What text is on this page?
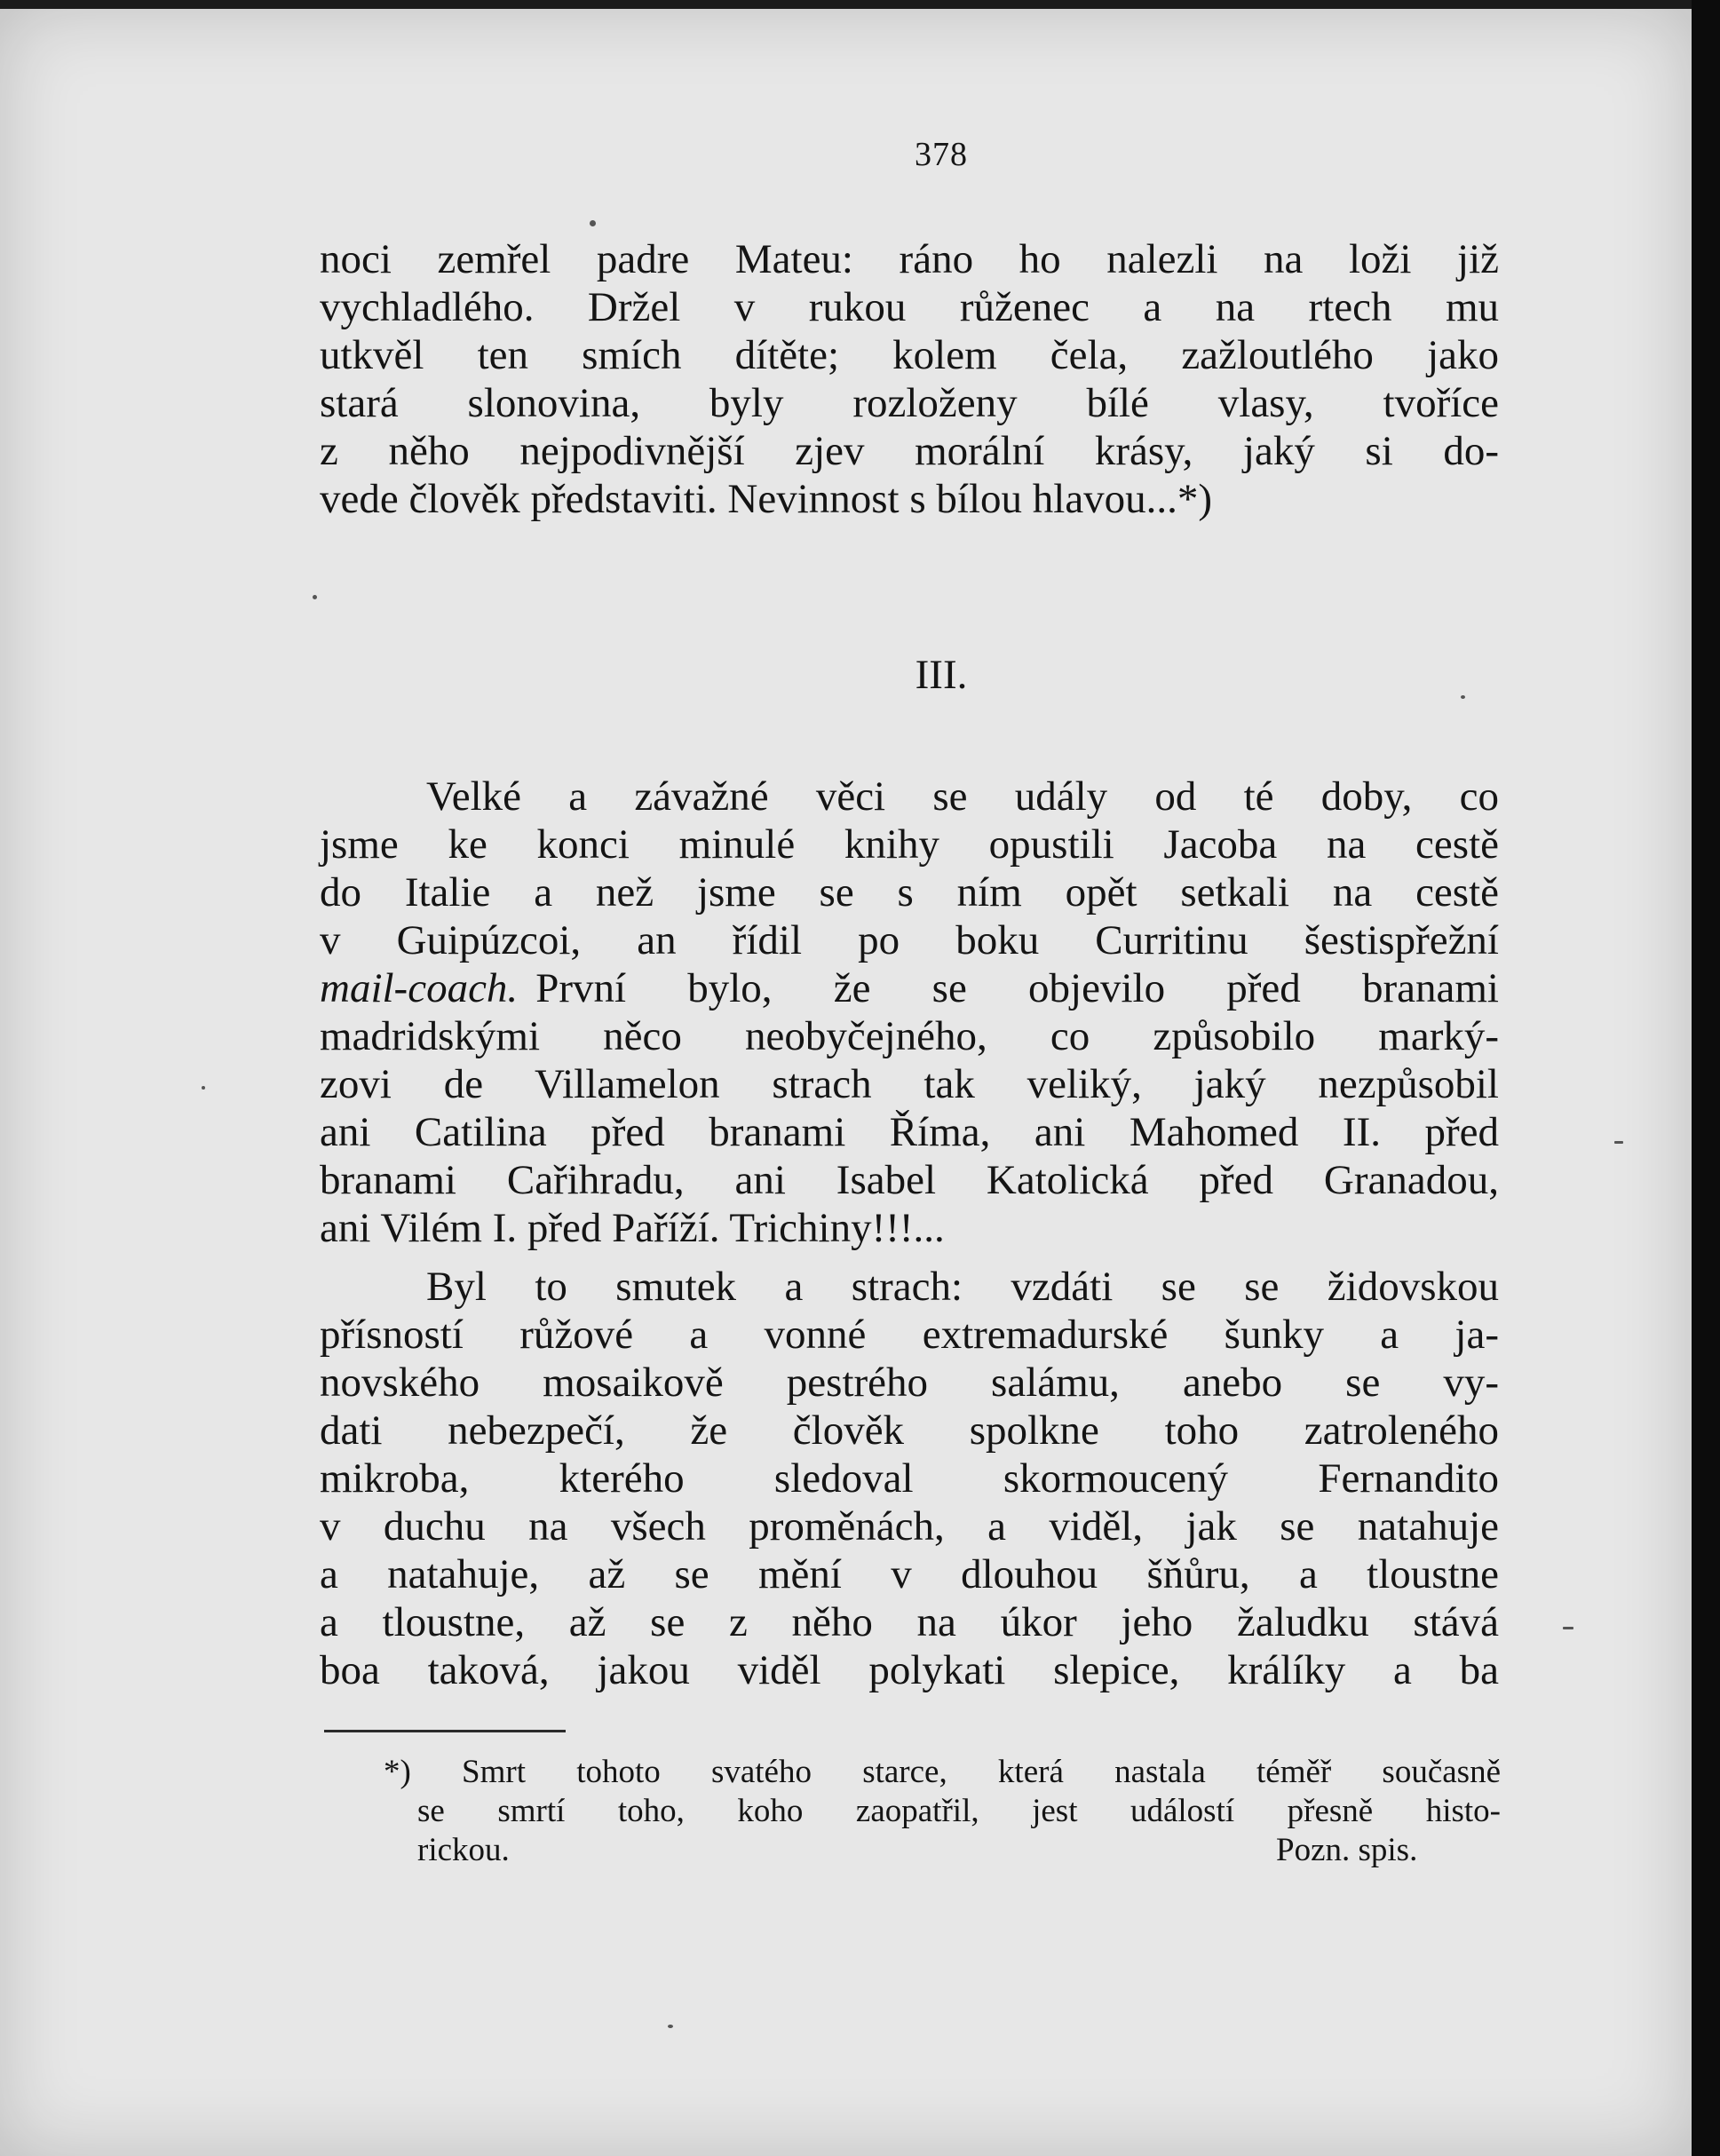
378
noci zemřel padre Mateu: ráno ho nalezli na loži již
vychladlého. Držel v rukou růženec a na rtech mu
utkvěl ten smích dítěte; kolem čela, zažloutlého jako
stará slonovina, byly rozloženy bílé vlasy, tvoříce
z něho nejpodivnější zjev morální krásy, jaký si do-
vede člověk představiti. Nevinnost s bílou hlavou...*)
III.
Velké a závažné věci se udály od té doby, co
jsme ke konci minulé knihy opustili Jacoba na cestě
do Italie a než jsme se s ním opět setkali na cestě
v Guipúzcoi, an řídil po boku Curritinu šestispřežní
mail-coach. První bylo, že se objevilo před branami
madridskými něco neobyčejného, co způsobilo marký-
zovi de Villamelon strach tak veliký, jaký nezpůsobil
ani Catilina před branami Říma, ani Mahomed II. před
branami Cařihradu, ani Isabel Katolická před Granadou,
ani Vilém I. před Paříží. Trichiny!!!...
Byl to smutek a strach: vzdáti se se židovskou
přísností růžové a vonné extremadurské šunky a ja-
novského mosaikově pestrého salámu, anebo se vy-
dati nebezpečí, že člověk spolkne toho zatroleného
mikroba, kterého sledoval skormoucený Fernandito
v duchu na všech proměnách, a viděl, jak se natahuje
a natahuje, až se mění v dlouhou šňůru, a tloustne
a tloustne, až se z něho na úkor jeho žaludku stává
boa taková, jakou viděl polykati slepice, králíky a ba
*) Smrt tohoto svatého starce, která nastala téměř současně
se smrtí toho, koho zaopatřil, jest událostí přesně histo-
rickou.	Pozn. spis.
